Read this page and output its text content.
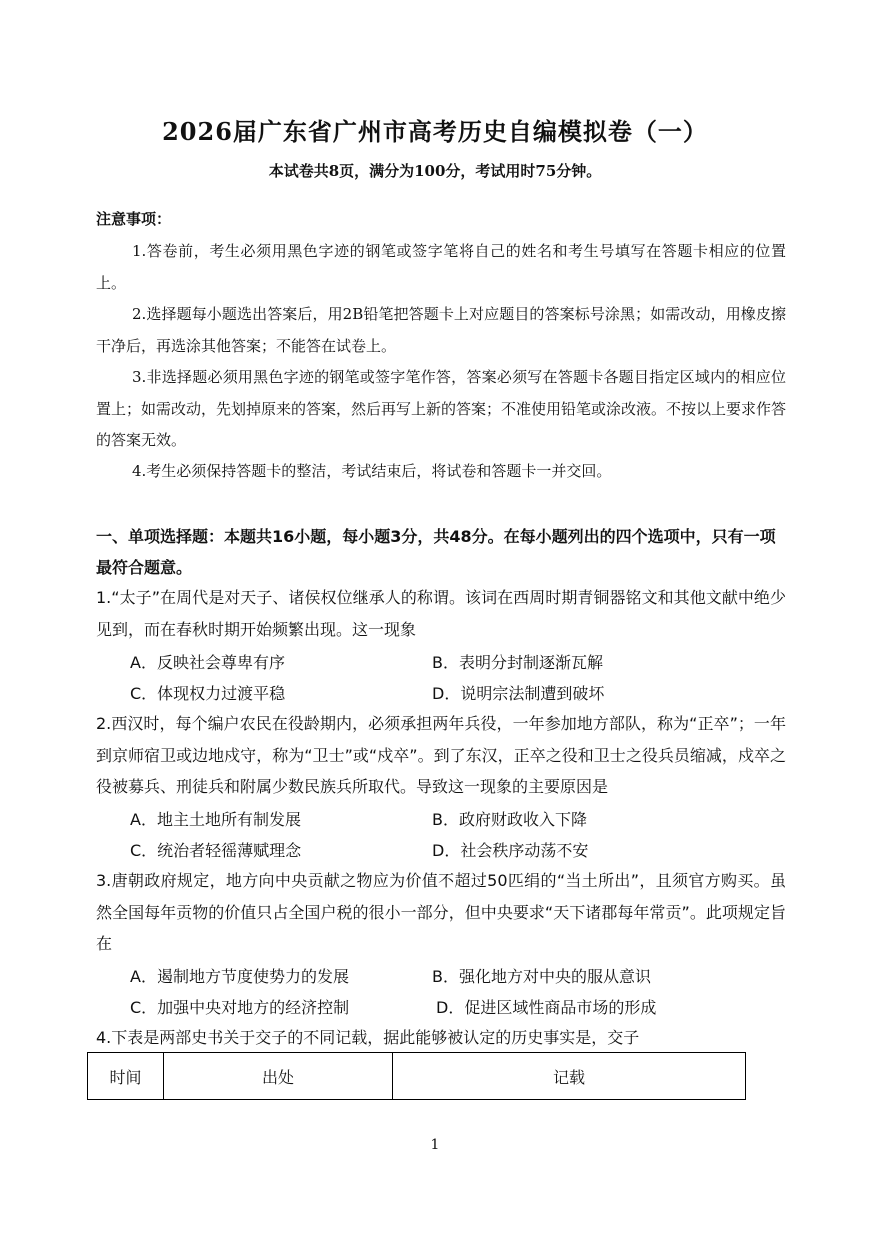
2026届广东省广州市高考历史自编模拟卷（一）
本试卷共8页，满分为100分，考试用时75分钟。
注意事项：
1.答卷前，考生必须用黑色字迹的钢笔或签字笔将自己的姓名和考生号填写在答题卡相应的位置上。
2.选择题每小题选出答案后，用2B铅笔把答题卡上对应题目的答案标号涂黑；如需改动，用橡皮擦干净后，再选涂其他答案；不能答在试卷上。
3.非选择题必须用黑色字迹的钢笔或签字笔作答，答案必须写在答题卡各题目指定区域内的相应位置上；如需改动，先划掉原来的答案，然后再写上新的答案；不准使用铅笔或涂改液。不按以上要求作答的答案无效。
4.考生必须保持答题卡的整洁，考试结束后，将试卷和答题卡一并交回。
一、单项选择题：本题共16小题，每小题3分，共48分。在每小题列出的四个选项中，只有一项最符合题意。
1.“太子”在周代是对天子、诸侯权位继承人的称谓。该词在西周时期青铜器铭文和其他文献中绝少见到，而在春秋时期开始频繁出现。这一现象
A．反映社会尊卑有序	B．表明分封制逐渐瓦解
C．体现权力过渡平稳	D．说明宗法制遭到破坏
2.西汉时，每个编户农民在役龄期内，必须承担两年兵役，一年参加地方部队，称为“正卒”；一年到京师宿卫或边地戍守，称为“卫士”或“戍卒”。到了东汉，正卒之役和卫士之役兵员缩减，戍卒之役被募兵、刑徒兵和附属少数民族兵所取代。导致这一现象的主要原因是
A．地主土地所有制发展	B．政府财政收入下降
C．统治者轻徭薄赋理念	D．社会秩序动荡不安
3.唐朝政府规定，地方向中央贡献之物应为价值不超过50匹绢的“当土所出”，且须官方购买。虽然全国每年贡物的价值只占全国户税的很小一部分，但中央要求“天下诸郡每年常贡”。此项规定旨在
A．遏制地方节度使势力的发展	B．强化地方对中央的服从意识
C．加强中央对地方的经济控制	D．促进区域性商品市场的形成
4.下表是两部史书关于交子的不同记载，据此能够被认定的历史事实是，交子
时间	出处	记载
1
